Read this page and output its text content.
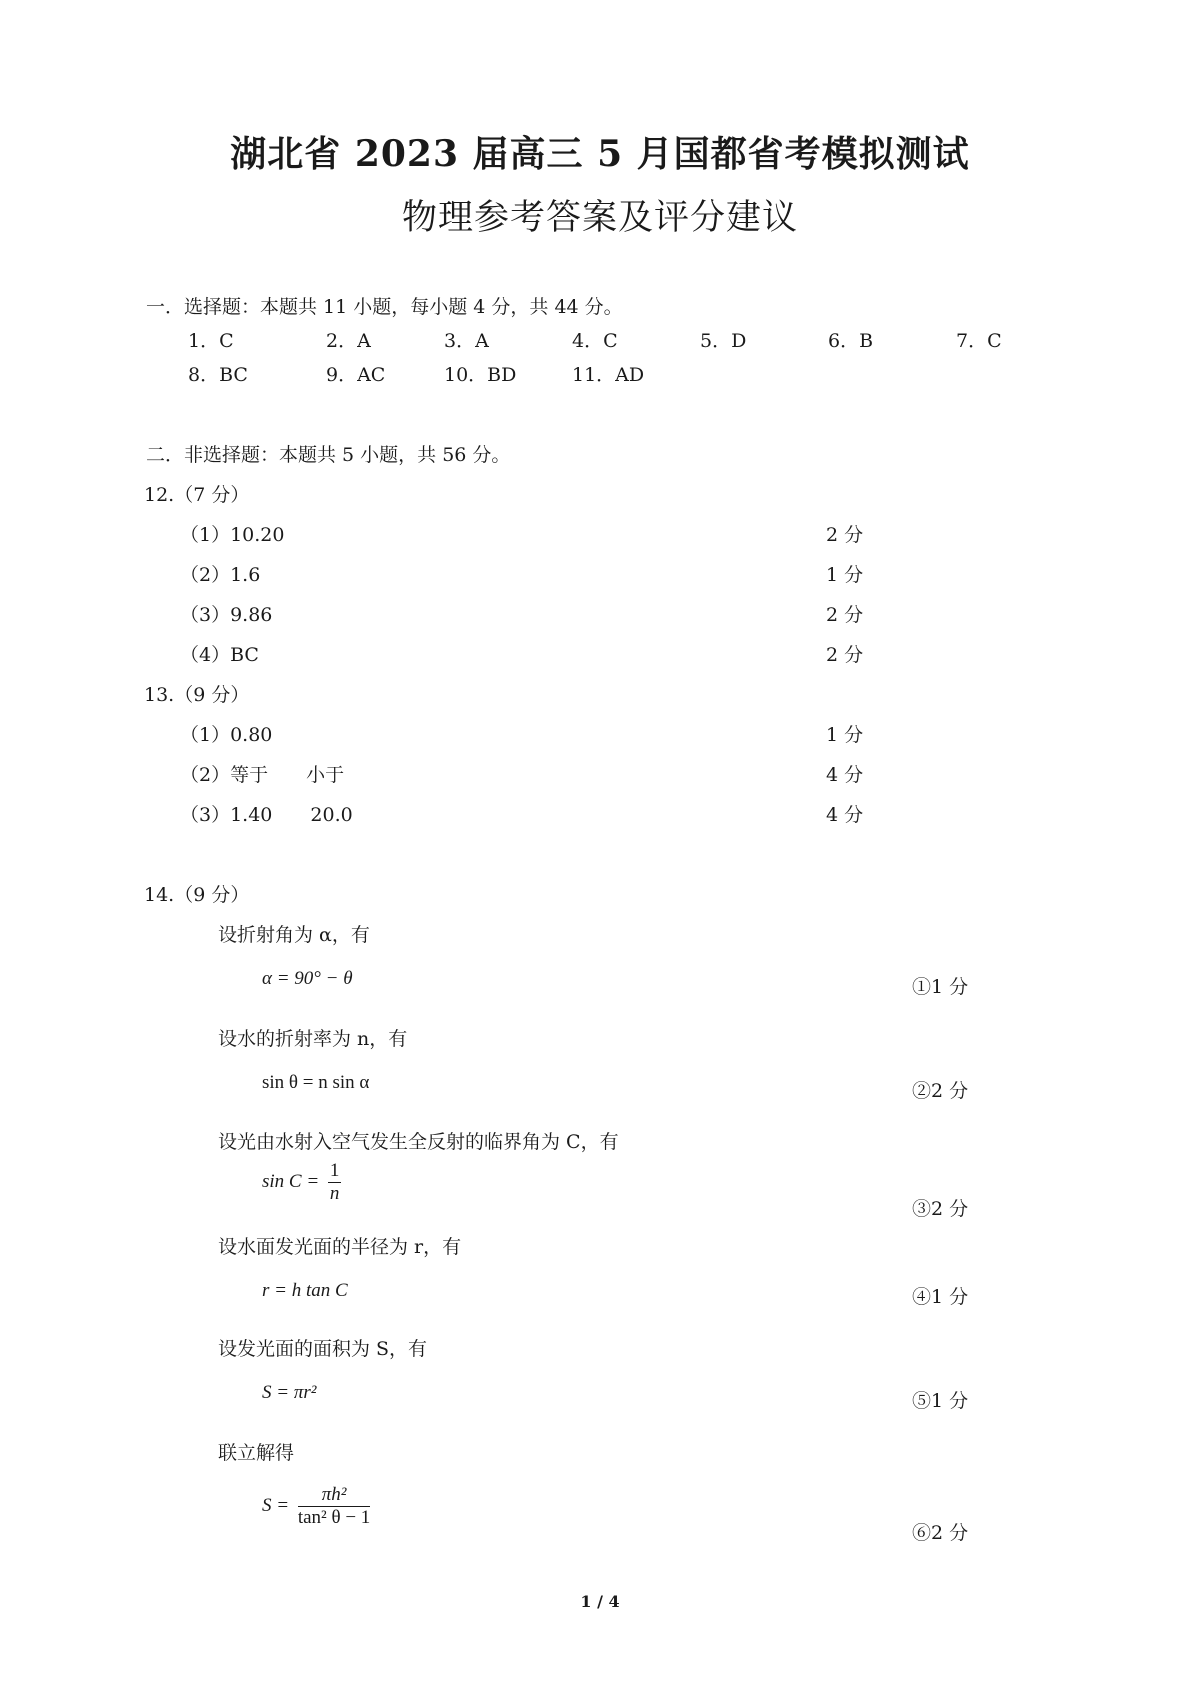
湖北省 2023 届高三 5 月国都省考模拟测试
物理参考答案及评分建议
一．选择题：本题共 11 小题，每小题 4 分，共 44 分。
1．C	2．A	3．A	4．C	5．D	6．B	7．C
8．BC	9．AC	10．BD	11．AD
二．非选择题：本题共 5 小题，共 56 分。
12.（7 分）
（1）10.20	2 分
（2）1.6	1 分
（3）9.86	2 分
（4）BC	2 分
13.（9 分）
（1）0.80	1 分
（2）等于　　小于	4 分
（3）1.40　　20.0	4 分
14.（9 分）
设折射角为 α，有
α = 90° − θ	①1 分
设水的折射率为 n，有
sin θ = n sin α	②2 分
设光由水射入空气发生全反射的临界角为 C，有
$\sin C = \frac{1}{n}$
③2 分
设水面发光面的半径为 r，有
r = h tan C	④1 分
设发光面的面积为 S，有
S = πr²	⑤1 分
联立解得
$S = \frac{\text{πh²}}{\text{tan² θ − 1}}$
⑥2 分
1 / 4
